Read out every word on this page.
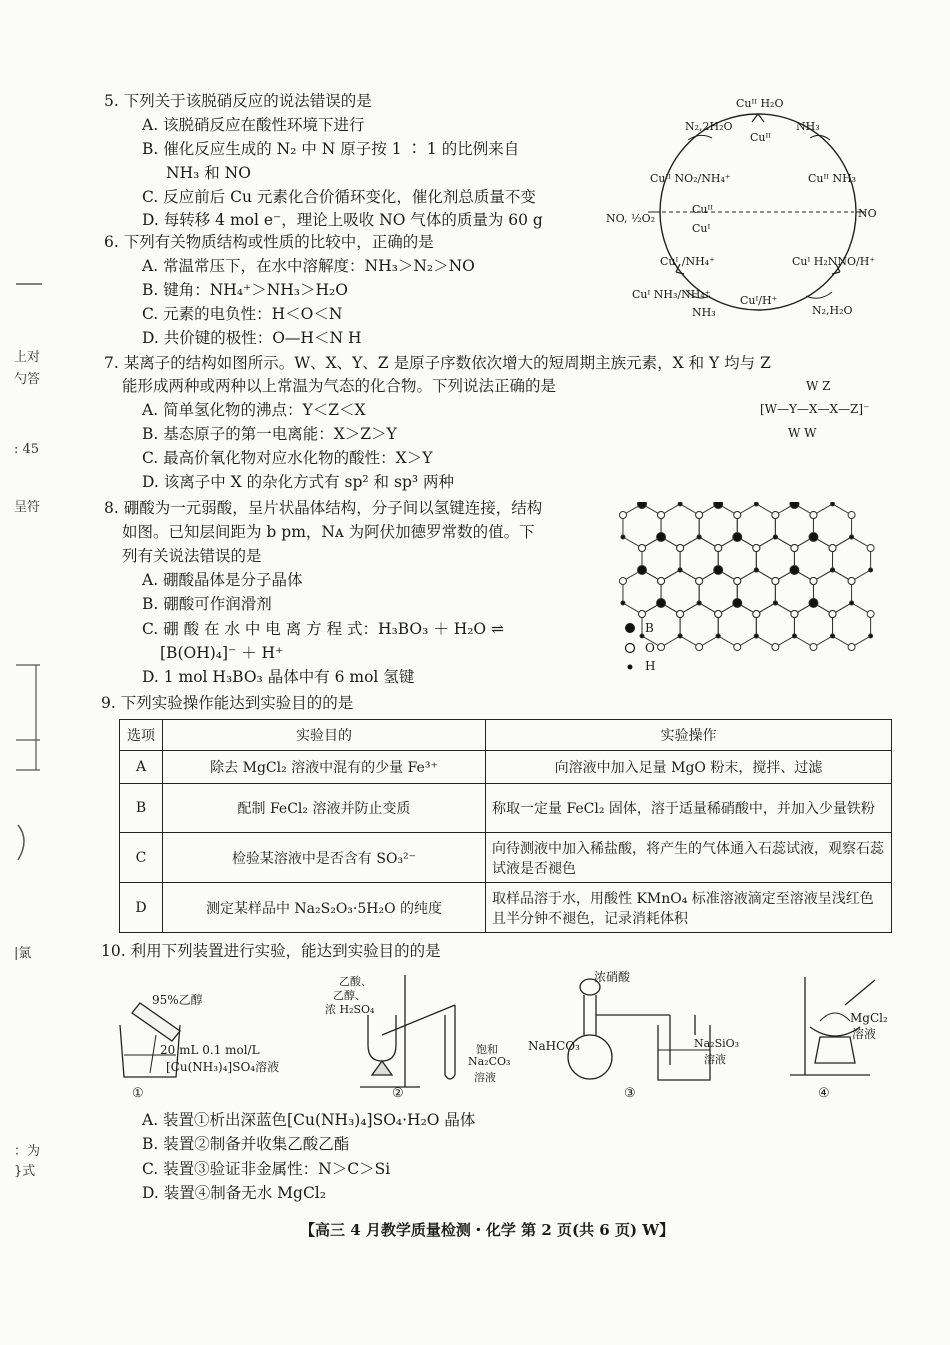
上对
勺答
: 45
呈符
|氯
：为
}式
5. 下列关于该脱硝反应的说法错误的是
A. 该脱硝反应在酸性环境下进行
B. 催化反应生成的 N₂ 中 N 原子按 1 ∶ 1 的比例来自
NH₃ 和 NO
C. 反应前后 Cu 元素化合价循环变化，催化剂总质量不变
D. 每转移 4 mol e⁻，理论上吸收 NO 气体的质量为 60 g
Cuᴵᴵ H₂O
Cuᴵᴵ
N₂,2H₂O	NH₃
Cuᴵᴵ NO₂/NH₄⁺	Cuᴵᴵ NH₃
NO, ½O₂	NO
Cuᴵᴵ
Cuᴵ
Cuᴵ /NH₄⁺	Cuᴵ H₂NNO/H⁺
Cuᴵ NH₃/NH₄⁺	Cuᴵ/H⁺
NH₃	N₂,H₂O
6. 下列有关物质结构或性质的比较中，正确的是
A. 常温常压下，在水中溶解度：NH₃＞N₂＞NO
B. 键角：NH₄⁺＞NH₃＞H₂O
C. 元素的电负性：H＜O＜N
D. 共价键的极性：O—H＜N H
7. 某离子的结构如图所示。W、X、Y、Z 是原子序数依次增大的短周期主族元素，X 和 Y 均与 Z
能形成两种或两种以上常温为气态的化合物。下列说法正确的是
A. 简单氢化物的沸点：Y＜Z＜X
B. 基态原子的第一电离能：X＞Z＞Y
C. 最高价氧化物对应水化物的酸性：X＞Y
D. 该离子中 X 的杂化方式有 sp² 和 sp³ 两种
W Z
[W—Y—X—X—Z]⁻
W W
8. 硼酸为一元弱酸，呈片状晶体结构，分子间以氢键连接，结构
如图。已知层间距为 b pm，Nᴀ 为阿伏加德罗常数的值。下
列有关说法错误的是
A. 硼酸晶体是分子晶体
B. 硼酸可作润滑剂
C. 硼 酸 在 水 中 电 离 方 程 式：H₃BO₃ ＋ H₂O ⇌
[B(OH)₄]⁻ ＋ H⁺
D. 1 mol H₃BO₃ 晶体中有 6 mol 氢键
B
O
H
9. 下列实验操作能达到实验目的的是
选项	实验目的	实验操作
A	除去 MgCl₂ 溶液中混有的少量 Fe³⁺	向溶液中加入足量 MgO 粉末，搅拌、过滤
B	配制 FeCl₂ 溶液并防止变质	称取一定量 FeCl₂ 固体，溶于适量稀硝酸中，并加入少量铁粉
C	检验某溶液中是否含有 SO₃²⁻	向待测液中加入稀盐酸，将产生的气体通入石蕊试液，观察石蕊试液是否褪色
D	测定某样品中 Na₂S₂O₃·5H₂O 的纯度	取样品溶于水，用酸性 KMnO₄ 标准溶液滴定至溶液呈浅红色且半分钟不褪色，记录消耗体积
10. 利用下列装置进行实验，能达到实验目的的是
95%乙醇
20 mL 0.1 mol/L
[Cu(NH₃)₄]SO₄溶液
①
乙酸、
乙醇、
浓 H₂SO₄
饱和
Na₂CO₃
溶液
②
浓硝酸
NaHCO₃	Na₂SiO₃
溶液
③
MgCl₂
溶液
④
A. 装置①析出深蓝色[Cu(NH₃)₄]SO₄·H₂O 晶体
B. 装置②制备并收集乙酸乙酯
C. 装置③验证非金属性：N＞C＞Si
D. 装置④制备无水 MgCl₂
【高三 4 月教学质量检测・化学 第 2 页(共 6 页) W】
